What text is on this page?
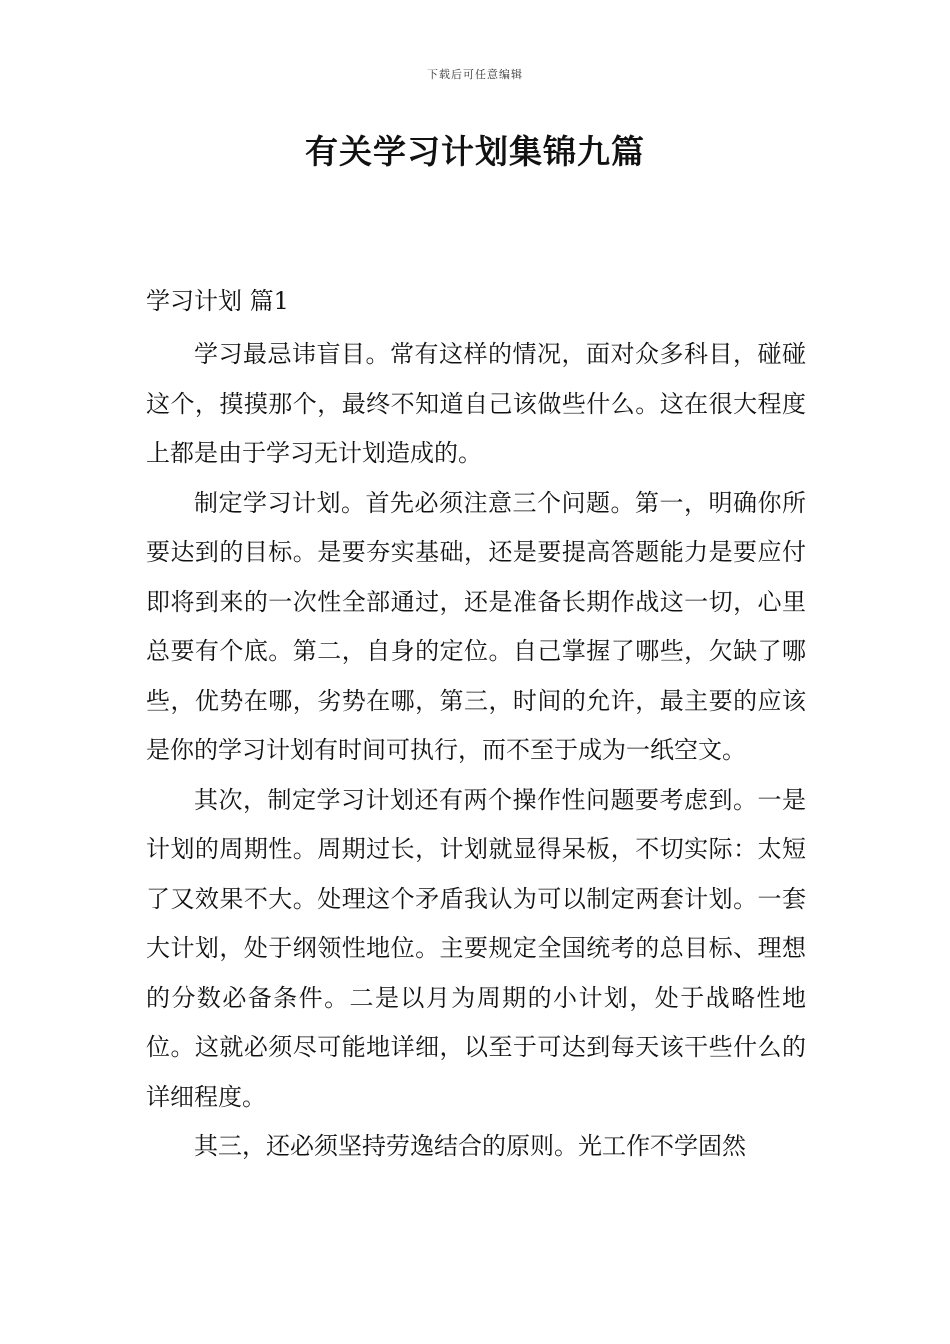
下载后可任意编辑
有关学习计划集锦九篇
学习计划 篇1

学习最忌讳盲目。常有这样的情况，面对众多科目，碰碰这个，摸摸那个，最终不知道自己该做些什么。这在很大程度上都是由于学习无计划造成的。

制定学习计划。首先必须注意三个问题。第一，明确你所要达到的目标。是要夯实基础，还是要提高答题能力是要应付即将到来的一次性全部通过，还是准备长期作战这一切，心里总要有个底。第二，自身的定位。自己掌握了哪些，欠缺了哪些，优势在哪，劣势在哪，第三，时间的允许，最主要的应该是你的学习计划有时间可执行，而不至于成为一纸空文。

其次，制定学习计划还有两个操作性问题要考虑到。一是计划的周期性。周期过长，计划就显得呆板，不切实际：太短了又效果不大。处理这个矛盾我认为可以制定两套计划。一套大计划，处于纲领性地位。主要规定全国统考的总目标、理想的分数必备条件。二是以月为周期的小计划，处于战略性地位。这就必须尽可能地详细，以至于可达到每天该干些什么的详细程度。

其三，还必须坚持劳逸结合的原则。光工作不学固然
